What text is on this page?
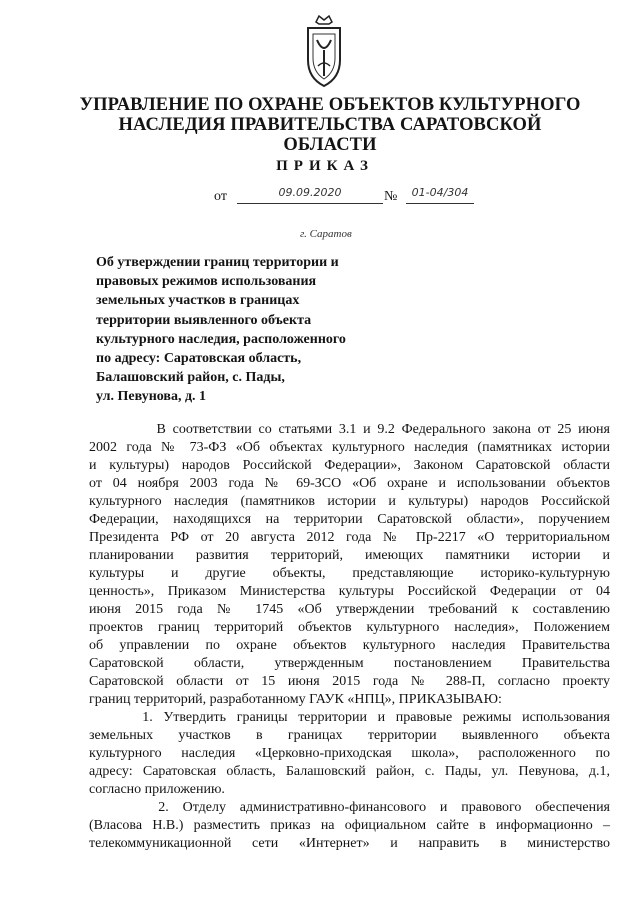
УПРАВЛЕНИЕ ПО ОХРАНЕ ОБЪЕКТОВ КУЛЬТУРНОГО
НАСЛЕДИЯ ПРАВИТЕЛЬСТВА САРАТОВСКОЙ ОБЛАСТИ
ПРИКАЗ
от	09.09.2020	№	01-04/304
г. Саратов
Об утверждении границ территории и
правовых режимов использования
земельных участков в границах
территории выявленного объекта
культурного наследия, расположенного
по адресу: Саратовская область,
Балашовский район, с. Пады,
ул. Певунова, д. 1
В соответствии со статьями 3.1 и 9.2 Федерального закона от 25 июня
2002 года № 73-ФЗ «Об объектах культурного наследия (памятниках истории
и культуры) народов Российской Федерации», Законом Саратовской области
от 04 ноября 2003 года № 69-ЗСО «Об охране и использовании объектов
культурного наследия (памятников истории и культуры) народов Российской
Федерации, находящихся на территории Саратовской области», поручением
Президента РФ от 20 августа 2012 года № Пр-2217 «О территориальном
планировании развития территорий, имеющих памятники истории и
культуры и другие объекты, представляющие историко-культурную
ценность», Приказом Министерства культуры Российской Федерации от 04
июня 2015 года № 1745 «Об утверждении требований к составлению
проектов границ территорий объектов культурного наследия», Положением
об управлении по охране объектов культурного наследия Правительства
Саратовской области, утвержденным постановлением Правительства
Саратовской области от 15 июня 2015 года № 288-П, согласно проекту
границ территорий, разработанному ГАУК «НПЦ», ПРИКАЗЫВАЮ:
1. Утвердить границы территории и правовые режимы использования
земельных участков в границах территории выявленного объекта
культурного наследия «Церковно-приходская школа», расположенного по
адресу: Саратовская область, Балашовский район, с. Пады, ул. Певунова, д.1,
согласно приложению.
2. Отделу административно-финансового и правового обеспечения
(Власова Н.В.) разместить приказ на официальном сайте в информационно –
телекоммуникационной сети «Интернет» и направить в министерство
